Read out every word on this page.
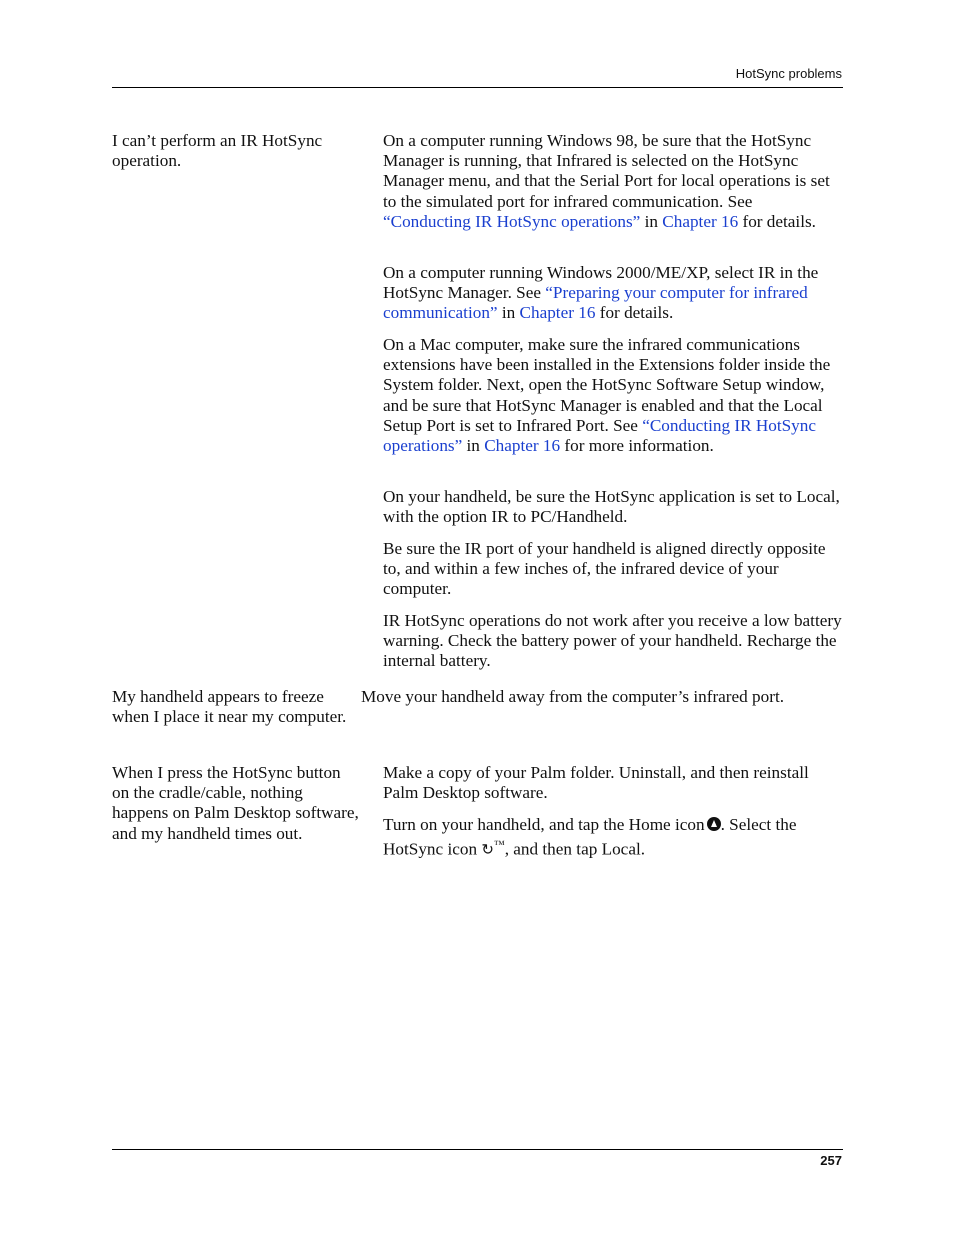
HotSync problems

I can’t perform an IR HotSync operation.

On a computer running Windows 98, be sure that the HotSync Manager is running, that Infrared is selected on the HotSync Manager menu, and that the Serial Port for local operations is set to the simulated port for infrared communication. See “Conducting IR HotSync operations” in Chapter 16 for details.

On a computer running Windows 2000/ME/XP, select IR in the HotSync Manager. See “Preparing your computer for infrared communication” in Chapter 16 for details.

On a Mac computer, make sure the infrared communications extensions have been installed in the Extensions folder inside the System folder. Next, open the HotSync Software Setup window, and be sure that HotSync Manager is enabled and that the Local Setup Port is set to Infrared Port. See “Conducting IR HotSync operations” in Chapter 16 for more information.

On your handheld, be sure the HotSync application is set to Local, with the option IR to PC/Handheld.

Be sure the IR port of your handheld is aligned directly opposite to, and within a few inches of, the infrared device of your computer.

IR HotSync operations do not work after you receive a low battery warning. Check the battery power of your handheld. Recharge the internal battery.

My handheld appears to freeze when I place it near my computer.

Move your handheld away from the computer’s infrared port.

When I press the HotSync button on the cradle/cable, nothing happens on Palm Desktop software, and my handheld times out.

Make a copy of your Palm folder. Uninstall, and then reinstall Palm Desktop software.

Turn on your handheld, and tap the Home icon . Select the HotSync icon ↻™, and then tap Local.

257
